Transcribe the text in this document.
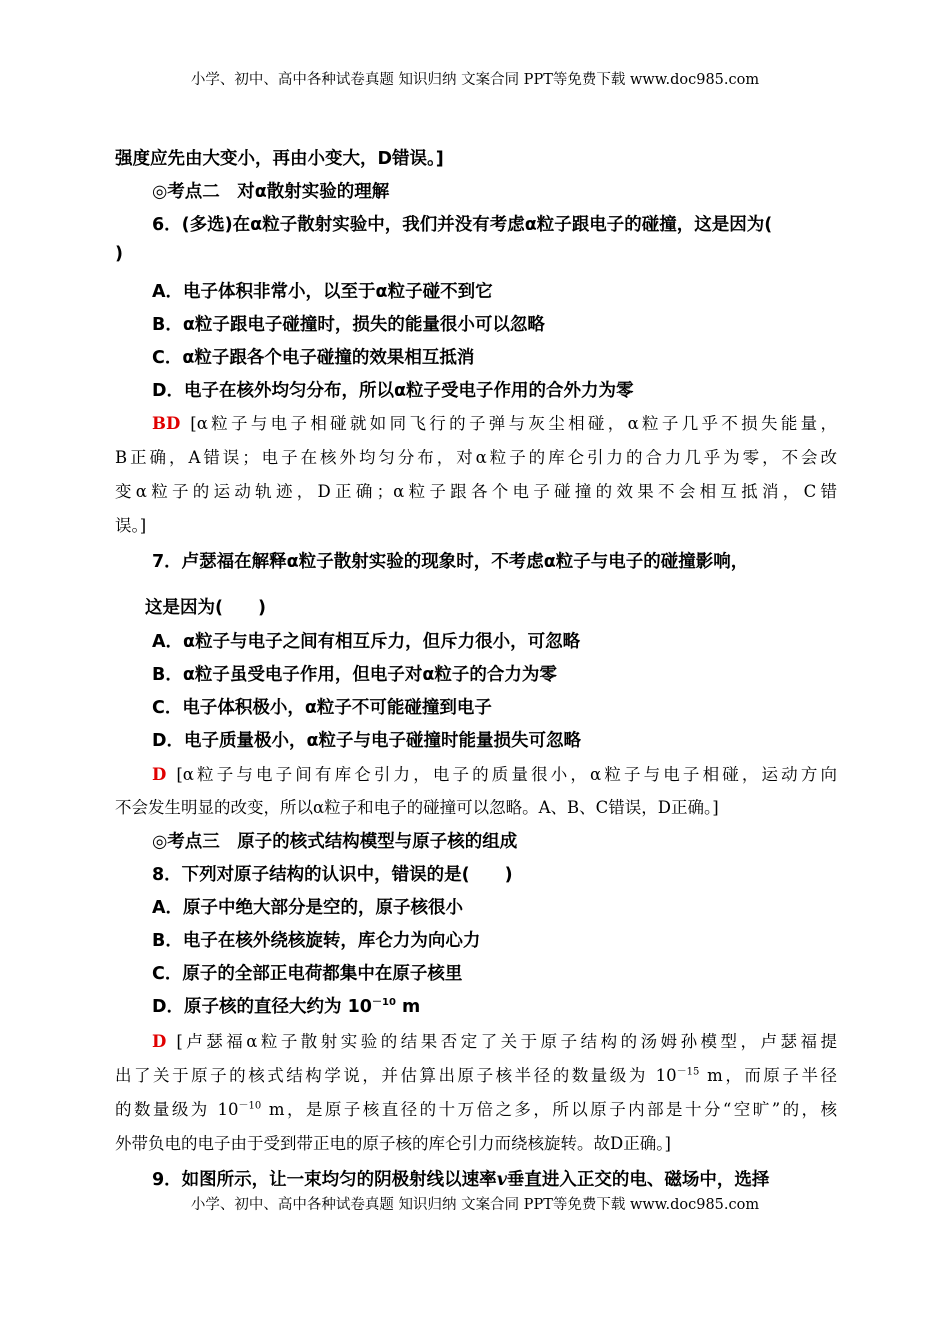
小学、初中、高中各种试卷真题 知识归纳 文案合同 PPT等免费下载 www.doc985.com
强度应先由大变小，再由小变大，D错误。]
◎考点二　对α散射实验的理解
6．(多选)在α粒子散射实验中，我们并没有考虑α粒子跟电子的碰撞，这是因为(
)
A．电子体积非常小，以至于α粒子碰不到它
B．α粒子跟电子碰撞时，损失的能量很小可以忽略
C．α粒子跟各个电子碰撞的效果相互抵消
D．电子在核外均匀分布，所以α粒子受电子作用的合外力为零
BD [α粒子与电子相碰就如同飞行的子弹与灰尘相碰，α粒子几乎不损失能量，
B正确，A错误；电子在核外均匀分布，对α粒子的库仑引力的合力几乎为零，不会改
变α粒子的运动轨迹，D正确；α粒子跟各个电子碰撞的效果不会相互抵消，C错
误。]
7．卢瑟福在解释α粒子散射实验的现象时，不考虑α粒子与电子的碰撞影响，
这是因为(　　)
A．α粒子与电子之间有相互斥力，但斥力很小，可忽略
B．α粒子虽受电子作用，但电子对α粒子的合力为零
C．电子体积极小，α粒子不可能碰撞到电子
D．电子质量极小，α粒子与电子碰撞时能量损失可忽略
D [α粒子与电子间有库仑引力，电子的质量很小，α粒子与电子相碰，运动方向
不会发生明显的改变，所以α粒子和电子的碰撞可以忽略。A、B、C错误，D正确。]
◎考点三　原子的核式结构模型与原子核的组成
8．下列对原子结构的认识中，错误的是(　　)
A．原子中绝大部分是空的，原子核很小
B．电子在核外绕核旋转，库仑力为向心力
C．原子的全部正电荷都集中在原子核里
D．原子核的直径大约为 $10^{-10}$ m
D [卢瑟福α粒子散射实验的结果否定了关于原子结构的汤姆孙模型，卢瑟福提
出了关于原子的核式结构学说，并估算出原子核半径的数量级为 $10^{-15}$ m，而原子半径
的数量级为 $10^{-10}$ m，是原子核直径的十万倍之多，所以原子内部是十分“空旷”的，核
外带负电的电子由于受到带正电的原子核的库仑引力而绕核旋转。故D正确。]
9．如图所示，让一束均匀的阴极射线以速率v垂直进入正交的电、磁场中，选择
小学、初中、高中各种试卷真题 知识归纳 文案合同 PPT等免费下载 www.doc985.com
